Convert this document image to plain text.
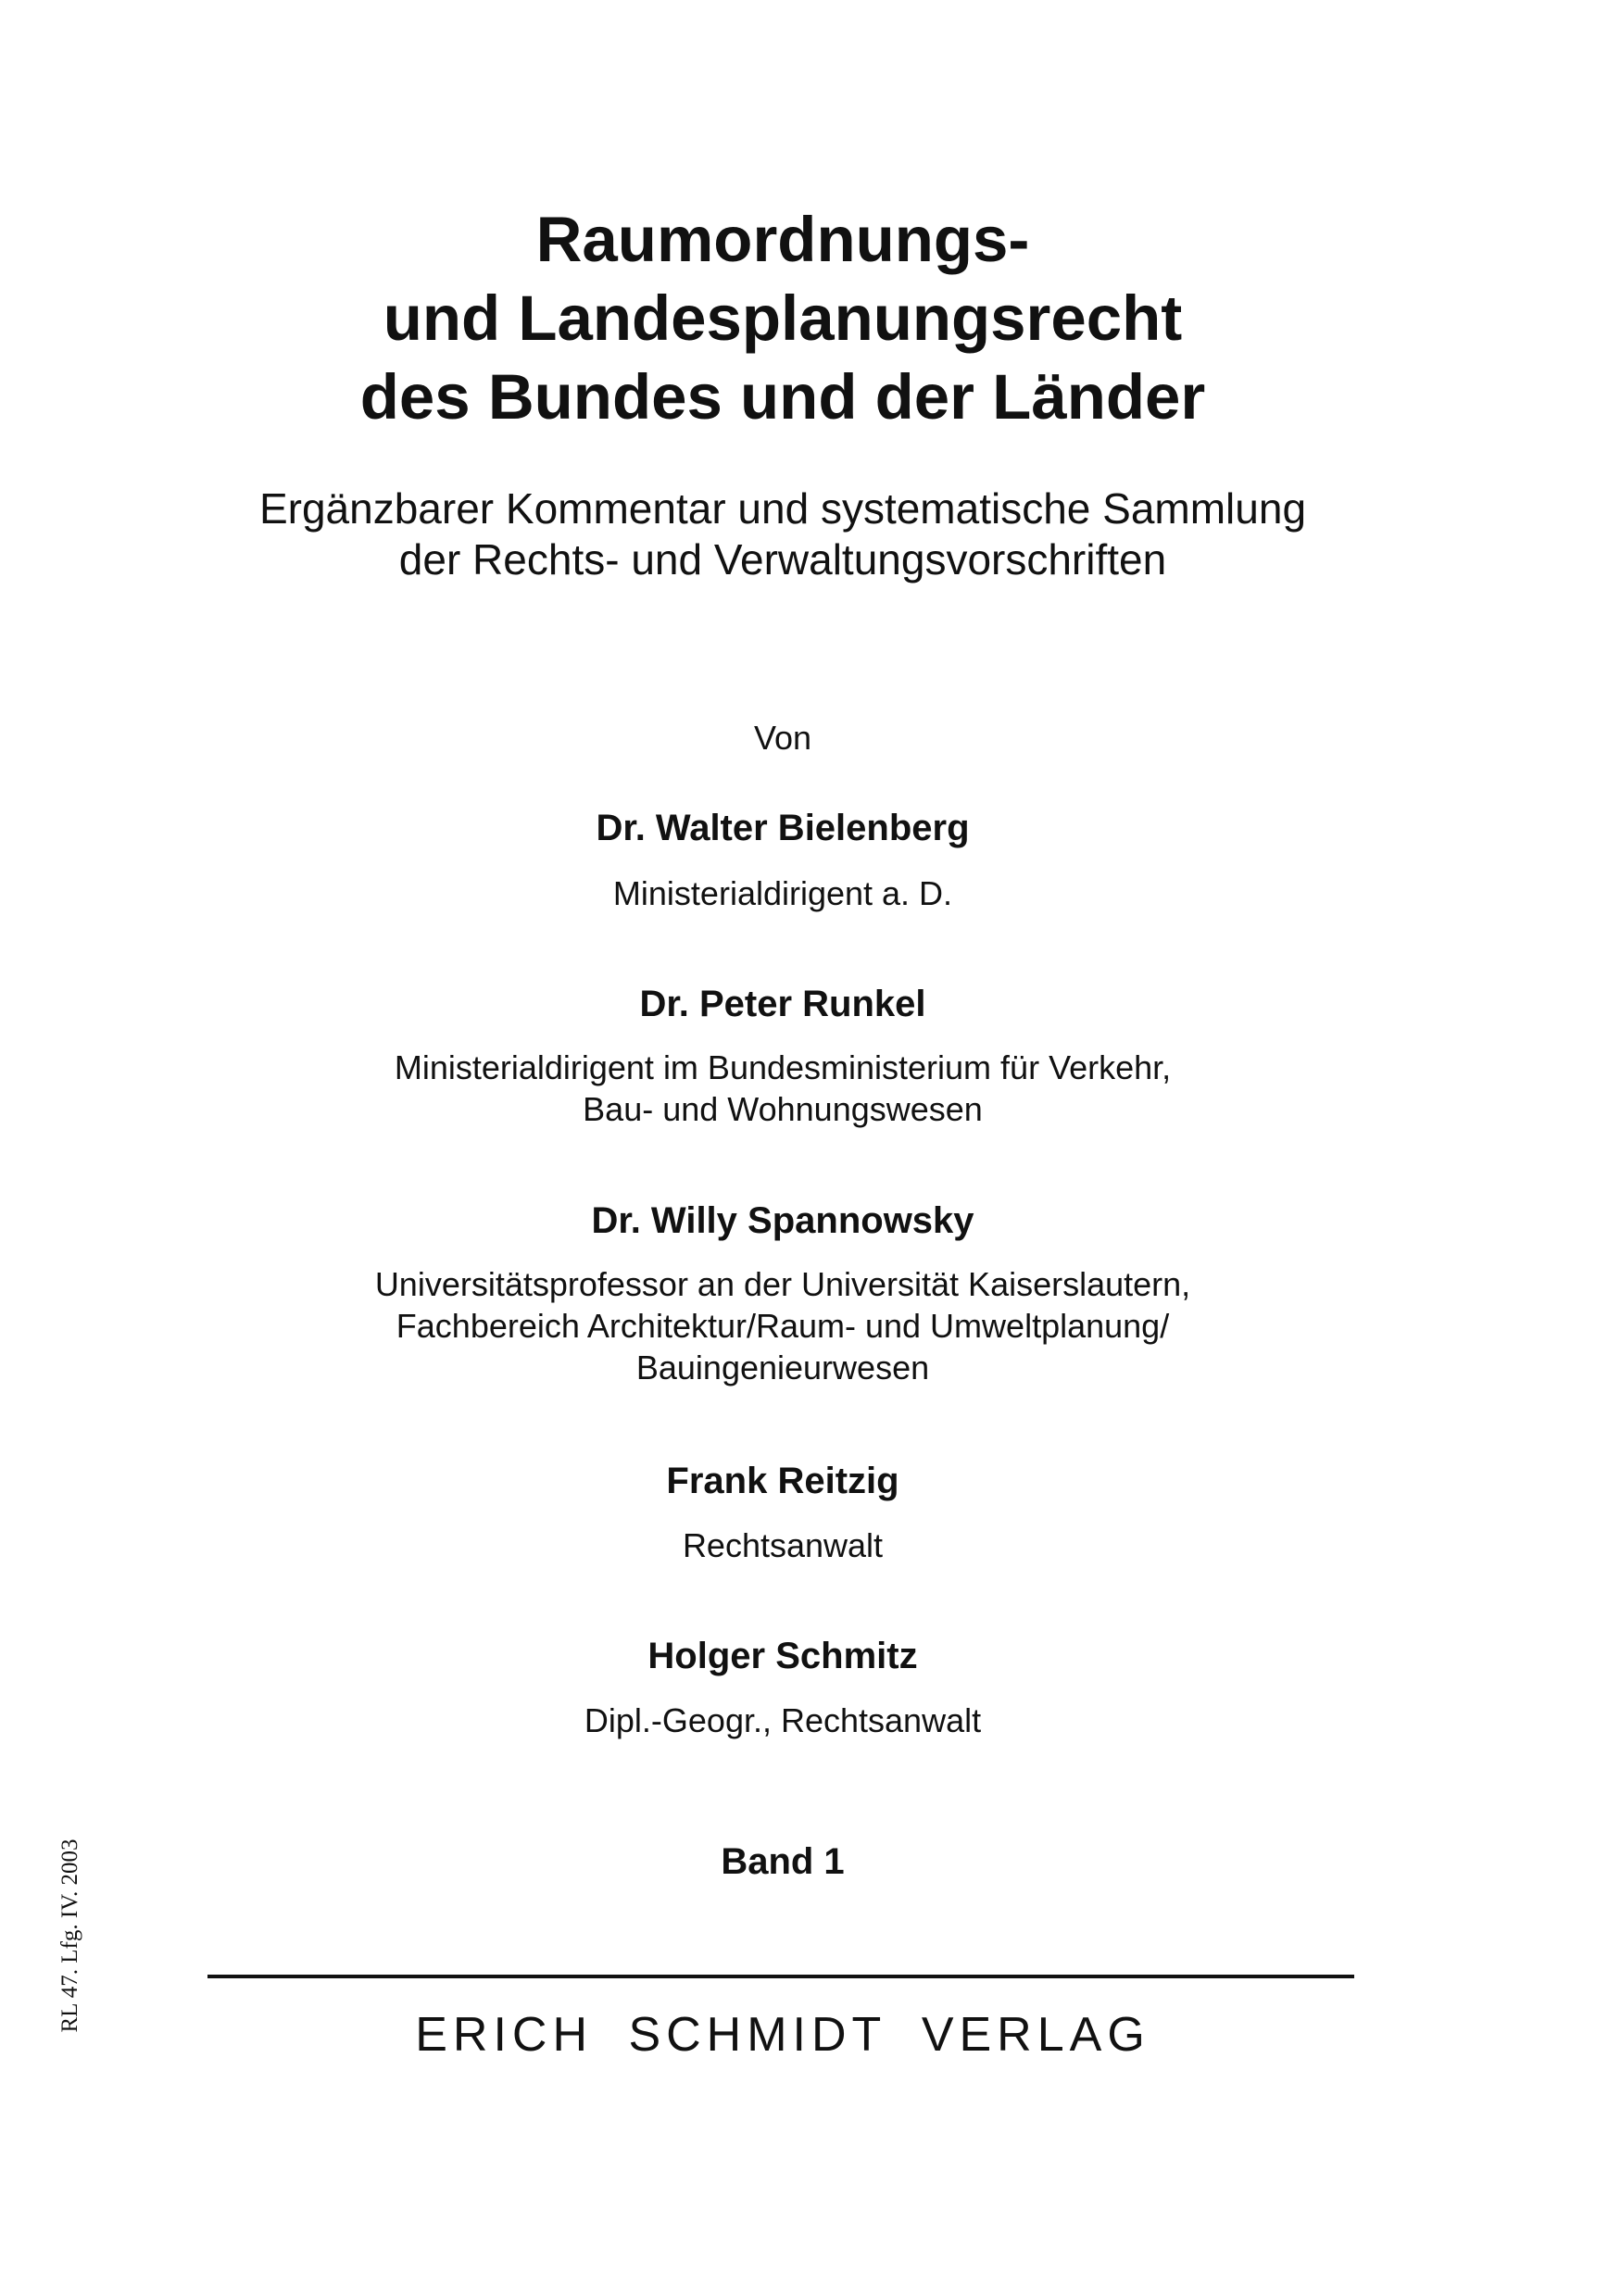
Raumordnungs-
und Landesplanungsrecht
des Bundes und der Länder
Ergänzbarer Kommentar und systematische Sammlung
der Rechts- und Verwaltungsvorschriften
Von
Dr. Walter Bielenberg
Ministerialdirigent a. D.
Dr. Peter Runkel
Ministerialdirigent im Bundesministerium für Verkehr,
Bau- und Wohnungswesen
Dr. Willy Spannowsky
Universitätsprofessor an der Universität Kaiserslautern,
Fachbereich Architektur/Raum- und Umweltplanung/
Bauingenieurwesen
Frank Reitzig
Rechtsanwalt
Holger Schmitz
Dipl.-Geogr., Rechtsanwalt
Band 1
ERICH SCHMIDT VERLAG
RL 47. Lfg. IV. 2003
